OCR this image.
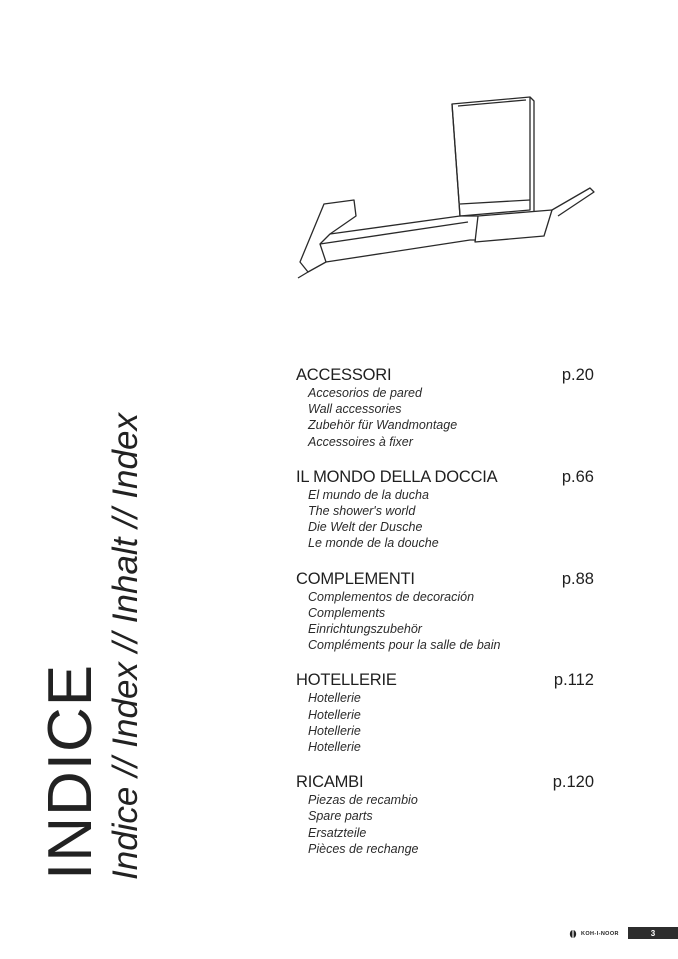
INDICE Indice // Index // Inhalt // Index
ACCESSORI	p.20
Accesorios de pared
Wall accessories
Zubehör für Wandmontage
Accessoires à fixer
IL MONDO DELLA DOCCIA	p.66
El mundo de la ducha
The shower's world
Die Welt der Dusche
Le monde de la douche
COMPLEMENTI	p.88
Complementos de decoración
Complements
Einrichtungszubehör
Compléments pour la salle de bain
HOTELLERIE	p.112
Hotellerie
Hotellerie
Hotellerie
Hotellerie
RICAMBI	p.120
Piezas de recambio
Spare parts
Ersatzteile
Pièces de rechange
KOH-I-NOOR	3
